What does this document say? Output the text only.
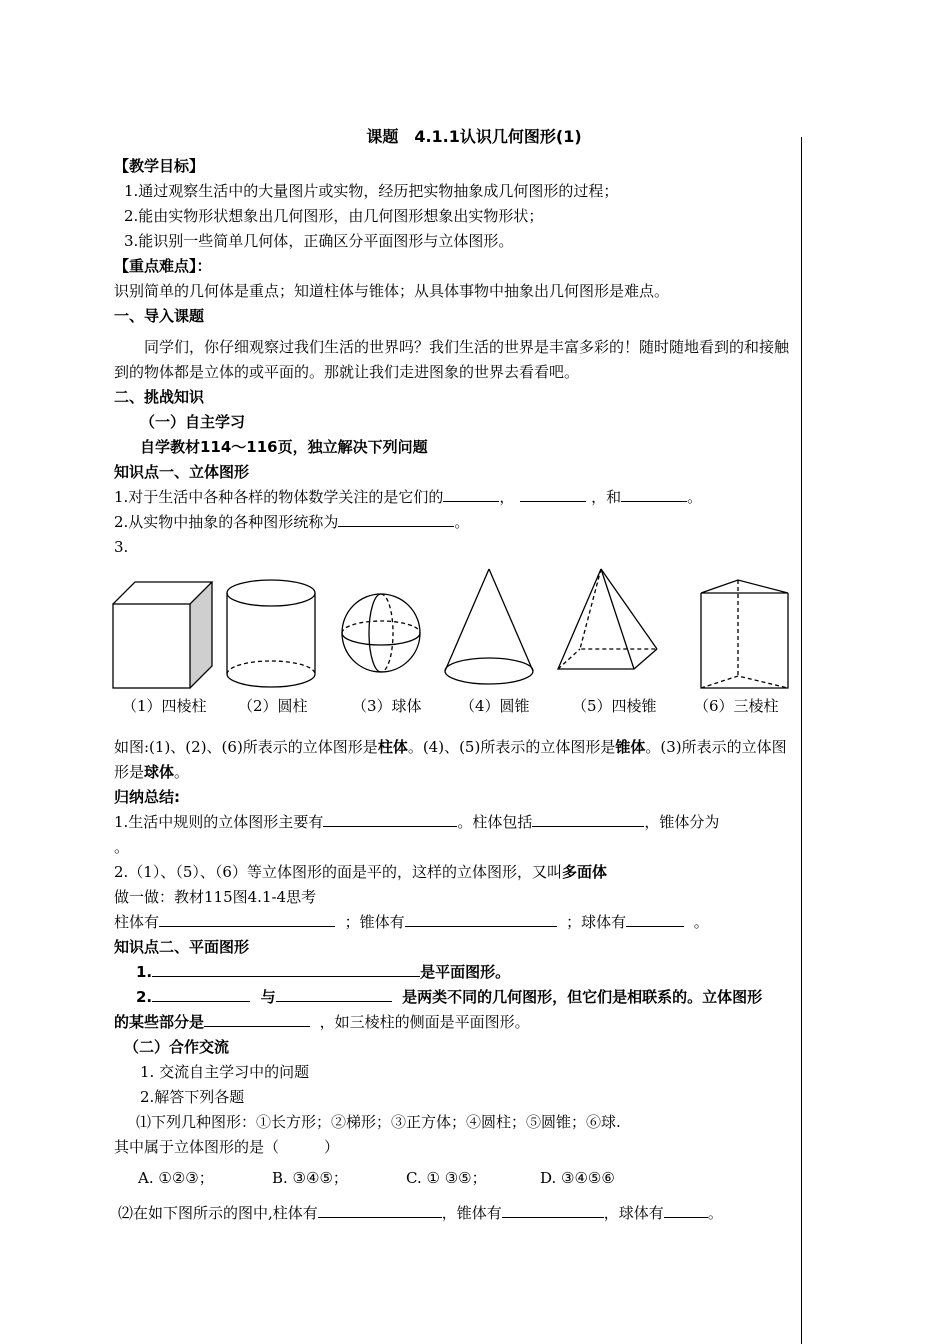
课题　4.1.1认识几何图形(1)
【教学目标】
1.通过观察生活中的大量图片或实物，经历把实物抽象成几何图形的过程；
2.能由实物形状想象出几何图形，由几何图形想象出实物形状；
3.能识别一些简单几何体，正确区分平面图形与立体图形。
【重点难点】：
识别简单的几何体是重点；知道柱体与锥体；从具体事物中抽象出几何图形是难点。
一、导入课题
同学们，你仔细观察过我们生活的世界吗？我们生活的世界是丰富多彩的！随时随地看到的和接触到的物体都是立体的或平面的。那就让我们走进图象的世界去看看吧。
二、挑战知识
（一）自主学习
自学教材114～116页，独立解决下列问题
知识点一、立体图形
1.对于生活中各种各样的物体数学关注的是它们的	，	，和	。
2.从实物中抽象的各种图形统称为	。
3.
（1）四棱柱 （2）圆柱	（3）球体	（4）圆锥	（5）四棱锥 （6）三棱柱
如图:(1)、(2)、(6)所表示的立体图形是柱体。(4)、(5)所表示的立体图形是锥体。(3)所表示的立体图形是球体。
归纳总结:
1.生活中规则的立体图形主要有	。柱体包括	，锥体分为
。
2.（1）、（5）、（6）等立体图形的面是平的，这样的立体图形，又叫多面体
做一做：教材115图4.1-4思考
柱体有	；锥体有	；球体有	。
知识点二、平面图形
1.	是平面图形。
2.	与	是两类不同的几何图形，但它们是相联系的。立体图形
的某些部分是	，如三棱柱的侧面是平面图形。
（二）合作交流
1. 交流自主学习中的问题
2.解答下列各题
⑴下列几种图形：①长方形；②梯形；③正方体；④圆柱；⑤圆锥；⑥球.
其中属于立体图形的是（　　　）
A. ①②③；	B. ③④⑤；	C. ① ③⑤；	D. ③④⑤⑥
⑵在如下图所示的图中,柱体有	，锥体有	，球体有	。
